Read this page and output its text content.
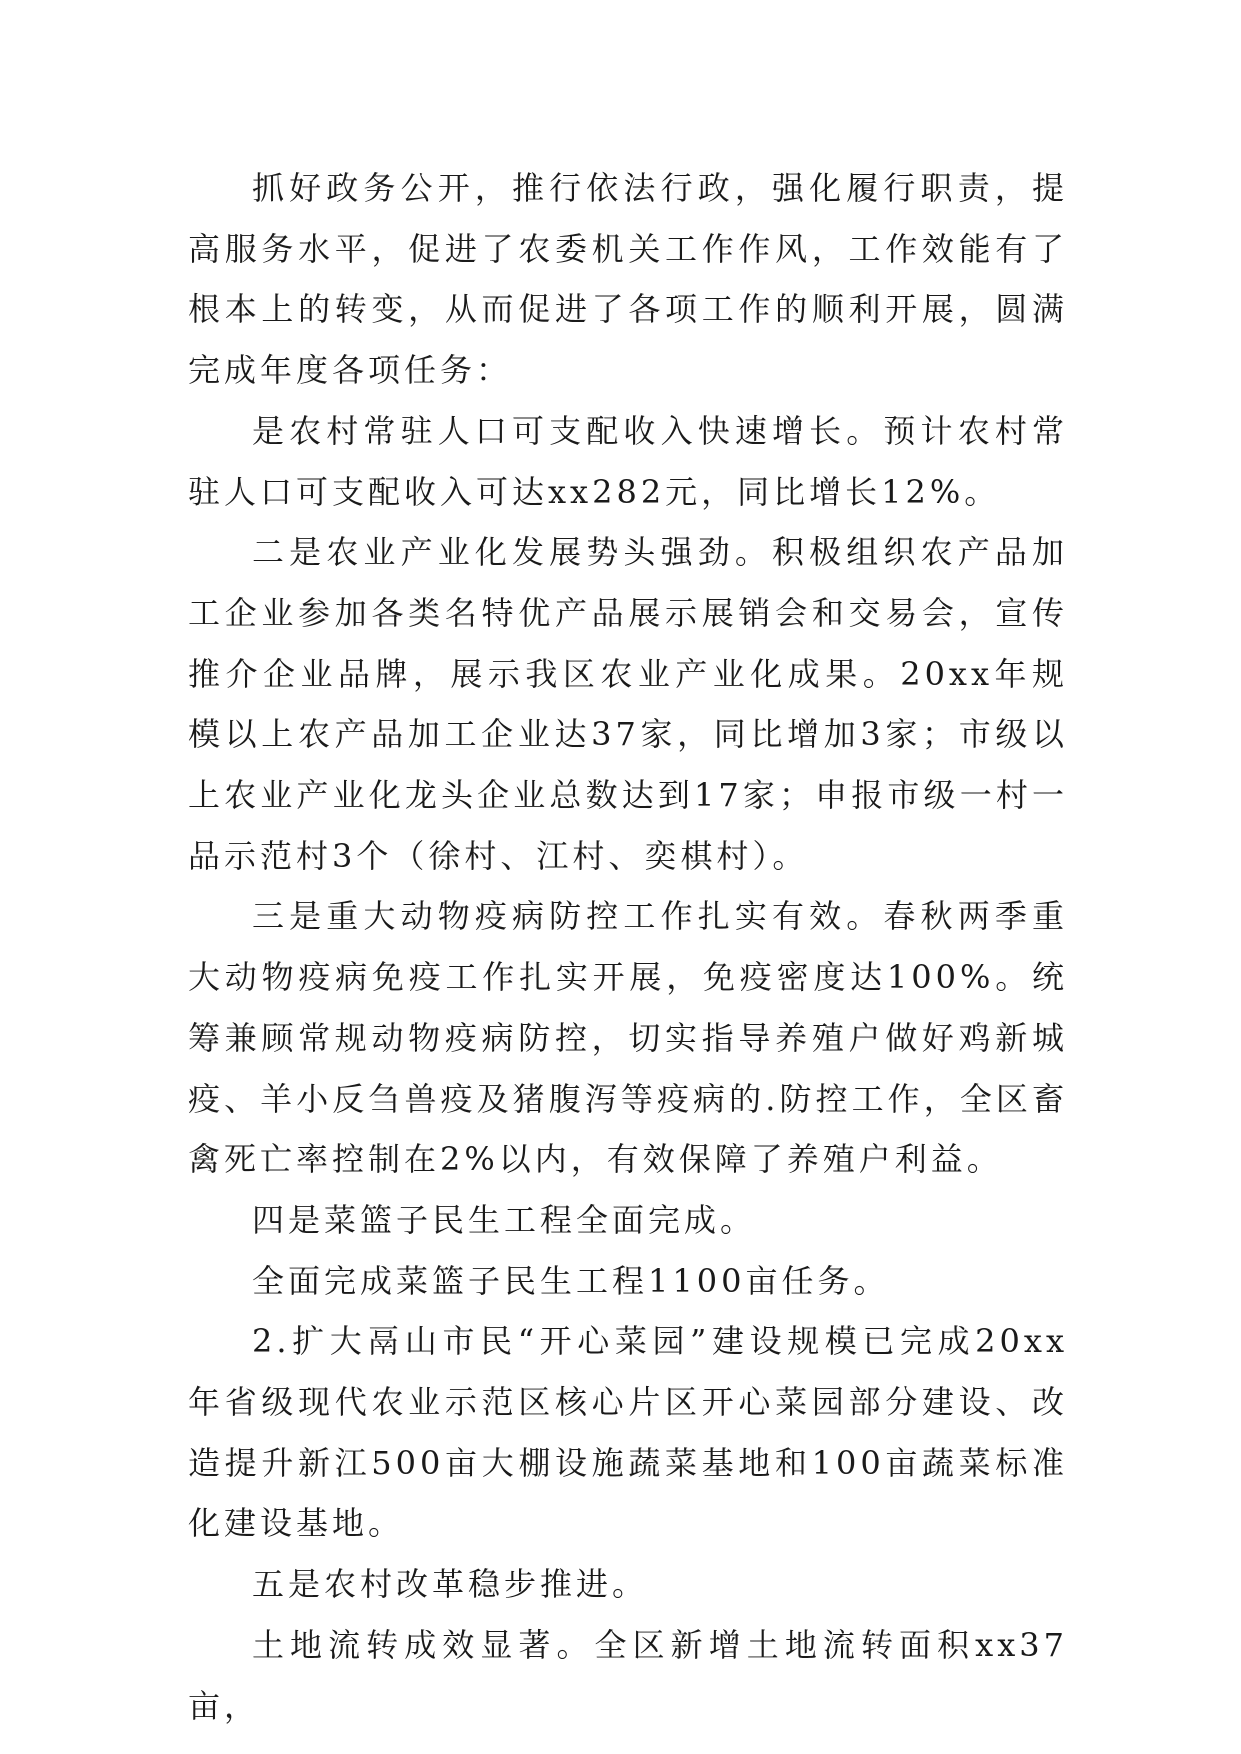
抓好政务公开，推行依法行政，强化履行职责，提高服务水平，促进了农委机关工作作风，工作效能有了根本上的转变，从而促进了各项工作的顺利开展，圆满完成年度各项任务：

是农村常驻人口可支配收入快速增长。预计农村常驻人口可支配收入可达xx282元，同比增长12%。

二是农业产业化发展势头强劲。积极组织农产品加工企业参加各类名特优产品展示展销会和交易会，宣传推介企业品牌，展示我区农业产业化成果。20xx年规模以上农产品加工企业达37家，同比增加3家；市级以上农业产业化龙头企业总数达到17家；申报市级一村一品示范村3个（徐村、江村、奕棋村）。

三是重大动物疫病防控工作扎实有效。春秋两季重大动物疫病免疫工作扎实开展，免疫密度达100%。统筹兼顾常规动物疫病防控，切实指导养殖户做好鸡新城疫、羊小反刍兽疫及猪腹泻等疫病的.防控工作，全区畜禽死亡率控制在2%以内，有效保障了养殖户利益。

四是菜篮子民生工程全面完成。

全面完成菜篮子民生工程1100亩任务。

2.扩大鬲山市民“开心菜园”建设规模已完成20xx年省级现代农业示范区核心片区开心菜园部分建设、改造提升新江500亩大棚设施蔬菜基地和100亩蔬菜标准化建设基地。

五是农村改革稳步推进。

土地流转成效显著。全区新增土地流转面积xx37亩，
